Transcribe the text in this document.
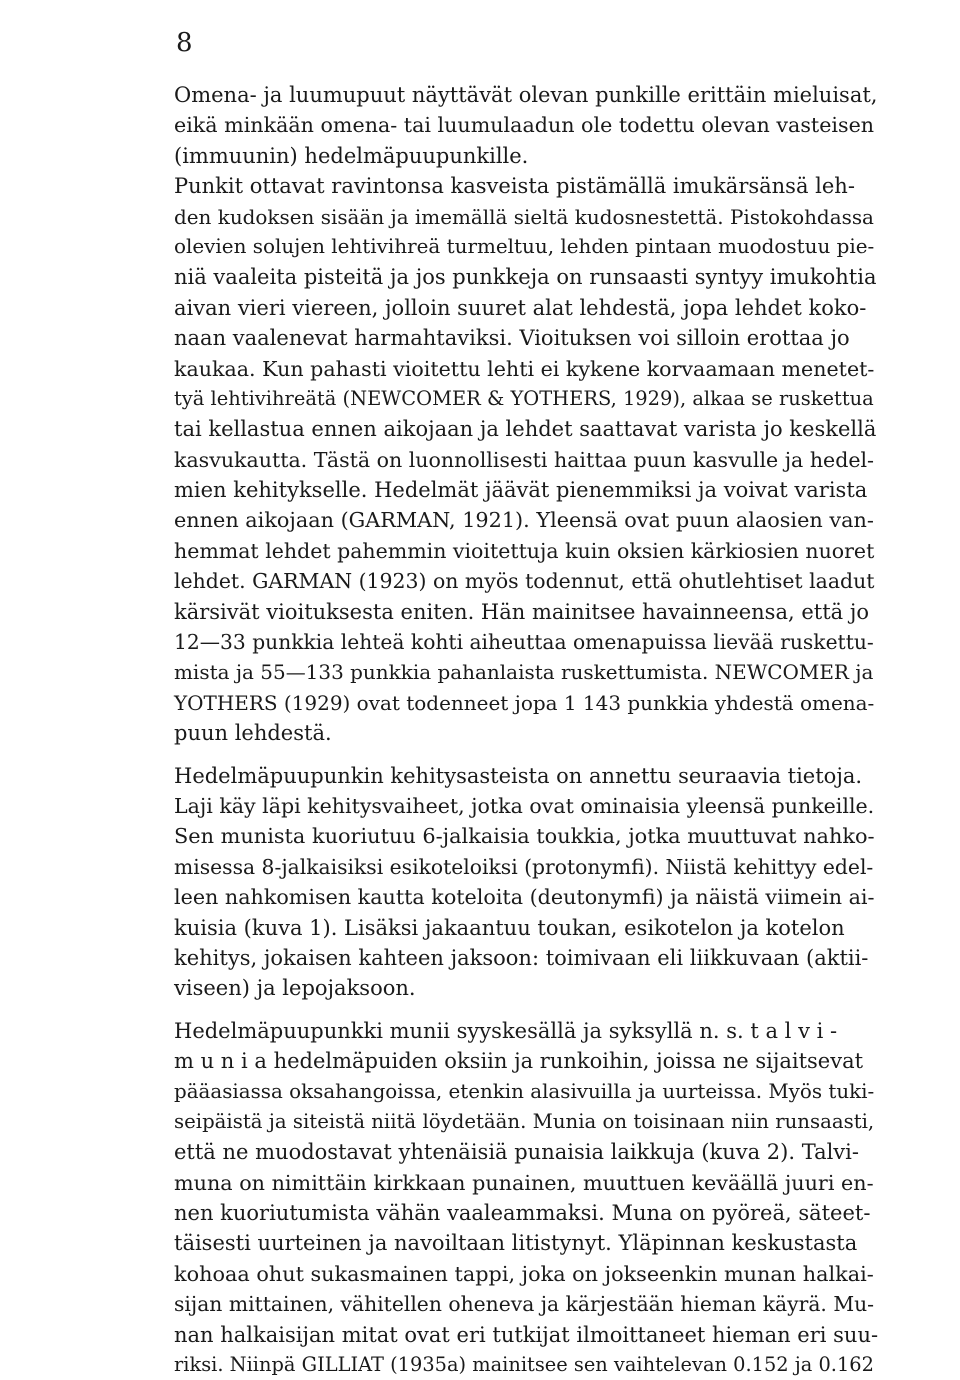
8
Omena- ja luumupuut näyttävät olevan punkille erittäin mieluisat,
eikä minkään omena- tai luumulaadun ole todettu olevan vasteisen
(immuunin) hedelmäpuupunkille.
Punkit ottavat ravintonsa kasveista pistämällä imukärsänsä leh-
den kudoksen sisään ja imemällä sieltä kudosnestettä. Pistokohdassa
olevien solujen lehtivihreä turmeltuu, lehden pintaan muodostuu pie-
niä vaaleita pisteitä ja jos punkkeja on runsaasti syntyy imukohtia
aivan vieri viereen, jolloin suuret alat lehdestä, jopa lehdet koko-
naan vaalenevat harmahtaviksi. Vioituksen voi silloin erottaa jo
kaukaa. Kun pahasti vioitettu lehti ei kykene korvaamaan menetet-
tyä lehtivihreätä (NEWCOMER & YOTHERS, 1929), alkaa se ruskettua
tai kellastua ennen aikojaan ja lehdet saattavat varista jo keskellä
kasvukautta. Tästä on luonnollisesti haittaa puun kasvulle ja hedel-
mien kehitykselle. Hedelmät jäävät pienemmiksi ja voivat varista
ennen aikojaan (GARMAN, 1921). Yleensä ovat puun alaosien van-
hemmat lehdet pahemmin vioitettuja kuin oksien kärkiosien nuoret
lehdet. GARMAN (1923) on myös todennut, että ohutlehtiset laadut
kärsivät vioituksesta eniten. Hän mainitsee havainneensa, että jo
12—33 punkkia lehteä kohti aiheuttaa omenapuissa lievää ruskettu-
mista ja 55—133 punkkia pahanlaista ruskettumista. NEWCOMER ja
YOTHERS (1929) ovat todenneet jopa 1 143 punkkia yhdestä omena-
puun lehdestä.
Hedelmäpuupunkin kehitysasteista on annettu seuraavia tietoja.
Laji käy läpi kehitysvaiheet, jotka ovat ominaisia yleensä punkeille.
Sen munista kuoriutuu 6-jalkaisia toukkia, jotka muuttuvat nahko-
misessa 8-jalkaisiksi esikoteloiksi (protonymfi). Niistä kehittyy edel-
leen nahkomisen kautta koteloita (deutonymfi) ja näistä viimein ai-
kuisia (kuva 1). Lisäksi jakaantuu toukan, esikotelon ja kotelon
kehitys, jokaisen kahteen jaksoon: toimivaan eli liikkuvaan (aktii-
viseen) ja lepojaksoon.
Hedelmäpuupunkki munii syyskesällä ja syksyllä n. s. t a l v i -
m u n i a hedelmäpuiden oksiin ja runkoihin, joissa ne sijaitsevat
pääasiassa oksahangoissa, etenkin alasivuilla ja uurteissa. Myös tuki-
seipäistä ja siteistä niitä löydetään. Munia on toisinaan niin runsaasti,
että ne muodostavat yhtenäisiä punaisia laikkuja (kuva 2). Talvi-
muna on nimittäin kirkkaan punainen, muuttuen keväällä juuri en-
nen kuoriutumista vähän vaaleammaksi. Muna on pyöreä, säteet-
täisesti uurteinen ja navoiltaan litistynyt. Yläpinnan keskustasta
kohoaa ohut sukasmainen tappi, joka on jokseenkin munan halkai-
sijan mittainen, vähitellen oheneva ja kärjestään hieman käyrä. Mu-
nan halkaisijan mitat ovat eri tutkijat ilmoittaneet hieman eri suu-
riksi. Niinpä GILLIAT (1935a) mainitsee sen vaihtelevan 0.152 ja 0.162
